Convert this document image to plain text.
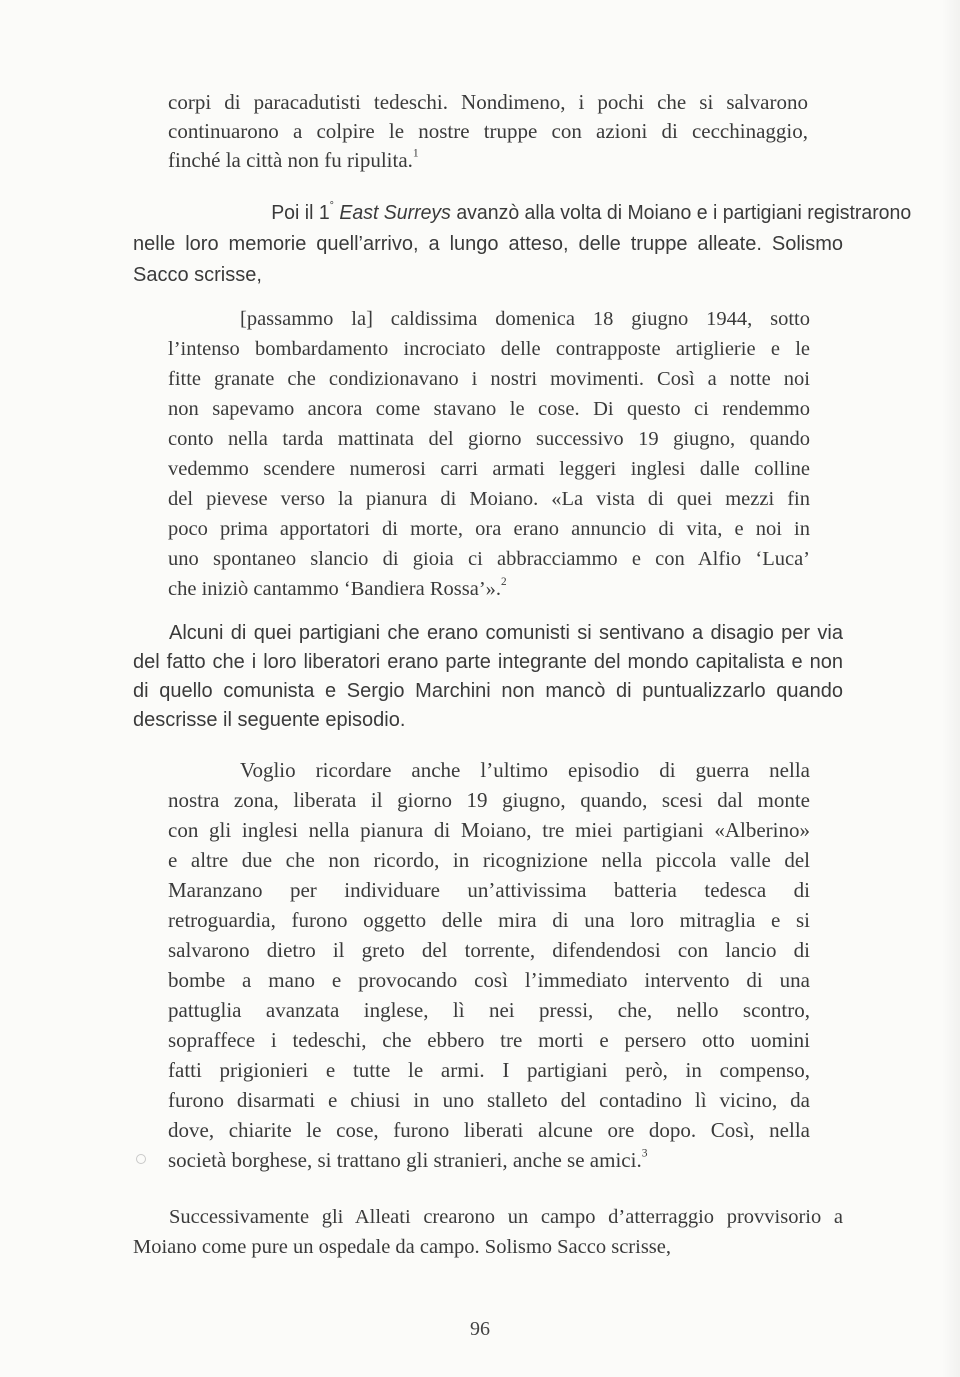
corpi di paracadutisti tedeschi. Nondimeno, i pochi che si salvarono
continuarono a colpire le nostre truppe con azioni di cecchinaggio,
finché la città non fu ripulita.$^1$

Poi il 1° East Surreys avanzò alla volta di Moiano e i partigiani registrarono
nelle loro memorie quell’arrivo, a lungo atteso, delle truppe alleate. Solismo
Sacco scrisse,

[passammo la] caldissima domenica 18 giugno 1944, sotto
l’intenso bombardamento incrociato delle contrapposte artiglierie e le
fitte granate che condizionavano i nostri movimenti. Così a notte noi
non sapevamo ancora come stavano le cose. Di questo ci rendemmo
conto nella tarda mattinata del giorno successivo 19 giugno, quando
vedemmo scendere numerosi carri armati leggeri inglesi dalle colline
del pievese verso la pianura di Moiano. «La vista di quei mezzi fin
poco prima apportatori di morte, ora erano annuncio di vita, e noi in
uno spontaneo slancio di gioia ci abbracciammo e con Alfio ‘Luca’
che iniziò cantammo ‘Bandiera Rossa’».$^2$

Alcuni di quei partigiani che erano comunisti si sentivano a disagio per via
del fatto che i loro liberatori erano parte integrante del mondo capitalista e non
di quello comunista e Sergio Marchini non mancò di puntualizzarlo quando
descrisse il seguente episodio.

Voglio ricordare anche l’ultimo episodio di guerra nella
nostra zona, liberata il giorno 19 giugno, quando, scesi dal monte
con gli inglesi nella pianura di Moiano, tre miei partigiani «Alberino»
e altre due che non ricordo, in ricognizione nella piccola valle del
Maranzano per individuare un’attivissima batteria tedesca di
retroguardia, furono oggetto delle mira di una loro mitraglia e si
salvarono dietro il greto del torrente, difendendosi con lancio di
bombe a mano e provocando così l’immediato intervento di una
pattuglia avanzata inglese, lì nei pressi, che, nello scontro,
sopraffece i tedeschi, che ebbero tre morti e persero otto uomini
fatti prigionieri e tutte le armi. I partigiani però, in compenso,
furono disarmati e chiusi in uno stalleto del contadino lì vicino, da
dove, chiarite le cose, furono liberati alcune ore dopo. Così, nella
società borghese, si trattano gli stranieri, anche se amici.$^3$

Successivamente gli Alleati crearono un campo d’atterraggio provvisorio a
Moiano come pure un ospedale da campo. Solismo Sacco scrisse,

96
